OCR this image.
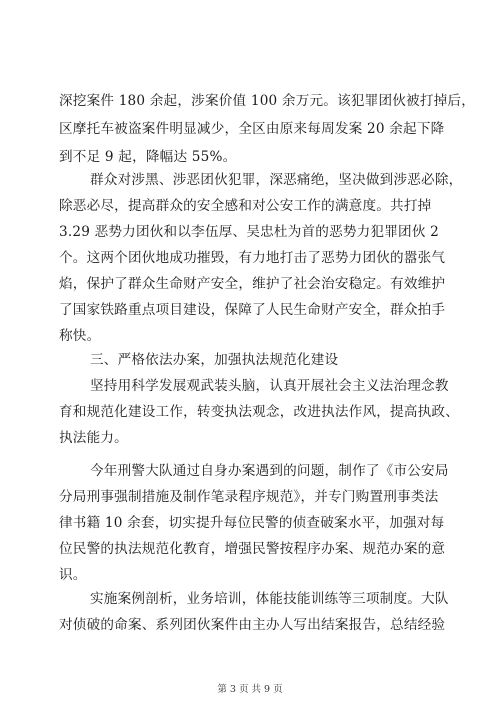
深挖案件 180 余起，涉案价值 100 余万元。该犯罪团伙被打掉后，
区摩托车被盗案件明显减少，全区由原来每周发案 20 余起下降
到不足 9 起，降幅达 55%。
群众对涉黑、涉恶团伙犯罪，深恶痛绝，坚决做到涉恶必除，
除恶必尽，提高群众的安全感和对公安工作的满意度。共打掉
3.29 恶势力团伙和以李伍厚、吴忠杜为首的恶势力犯罪团伙 2
个。这两个团伙地成功摧毁，有力地打击了恶势力团伙的嚣张气
焰，保护了群众生命财产安全，维护了社会治安稳定。有效维护
了国家铁路重点项目建设，保障了人民生命财产安全，群众拍手
称快。
三、严格依法办案，加强执法规范化建设
坚持用科学发展观武装头脑，认真开展社会主义法治理念教
育和规范化建设工作，转变执法观念，改进执法作风，提高执政、
执法能力。
今年刑警大队通过自身办案遇到的问题，制作了《市公安局
分局刑事强制措施及制作笔录程序规范》，并专门购置刑事类法
律书籍 10 余套，切实提升每位民警的侦查破案水平，加强对每
位民警的执法规范化教育，增强民警按程序办案、规范办案的意
识。
实施案例剖析，业务培训，体能技能训练等三项制度。大队
对侦破的命案、系列团伙案件由主办人写出结案报告，总结经验
第 3 页 共 9 页
